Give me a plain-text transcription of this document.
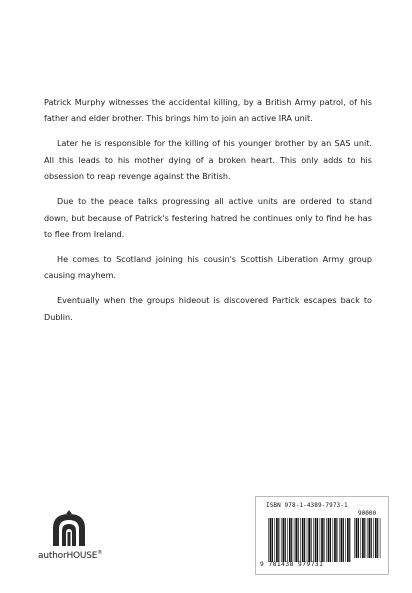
Patrick Murphy witnesses the accidental killing, by a British Army patrol, of his father and elder brother. This brings him to join an active IRA unit.

Later he is responsible for the killing of his younger brother by an SAS unit. All this leads to his mother dying of a broken heart. This only adds to his obsession to reap revenge against the British.

Due to the peace talks progressing all active units are ordered to stand down, but because of Patrick's festering hatred he continues only to find he has to flee from Ireland.

He comes to Scotland joining his cousin's Scottish Liberation Army group causing mayhem.

Eventually when the groups hideout is discovered Partick escapes back to Dublin.

authorHOUSE®
ISBN 978-1-4389-7973-1
90000
9 781438 979731
